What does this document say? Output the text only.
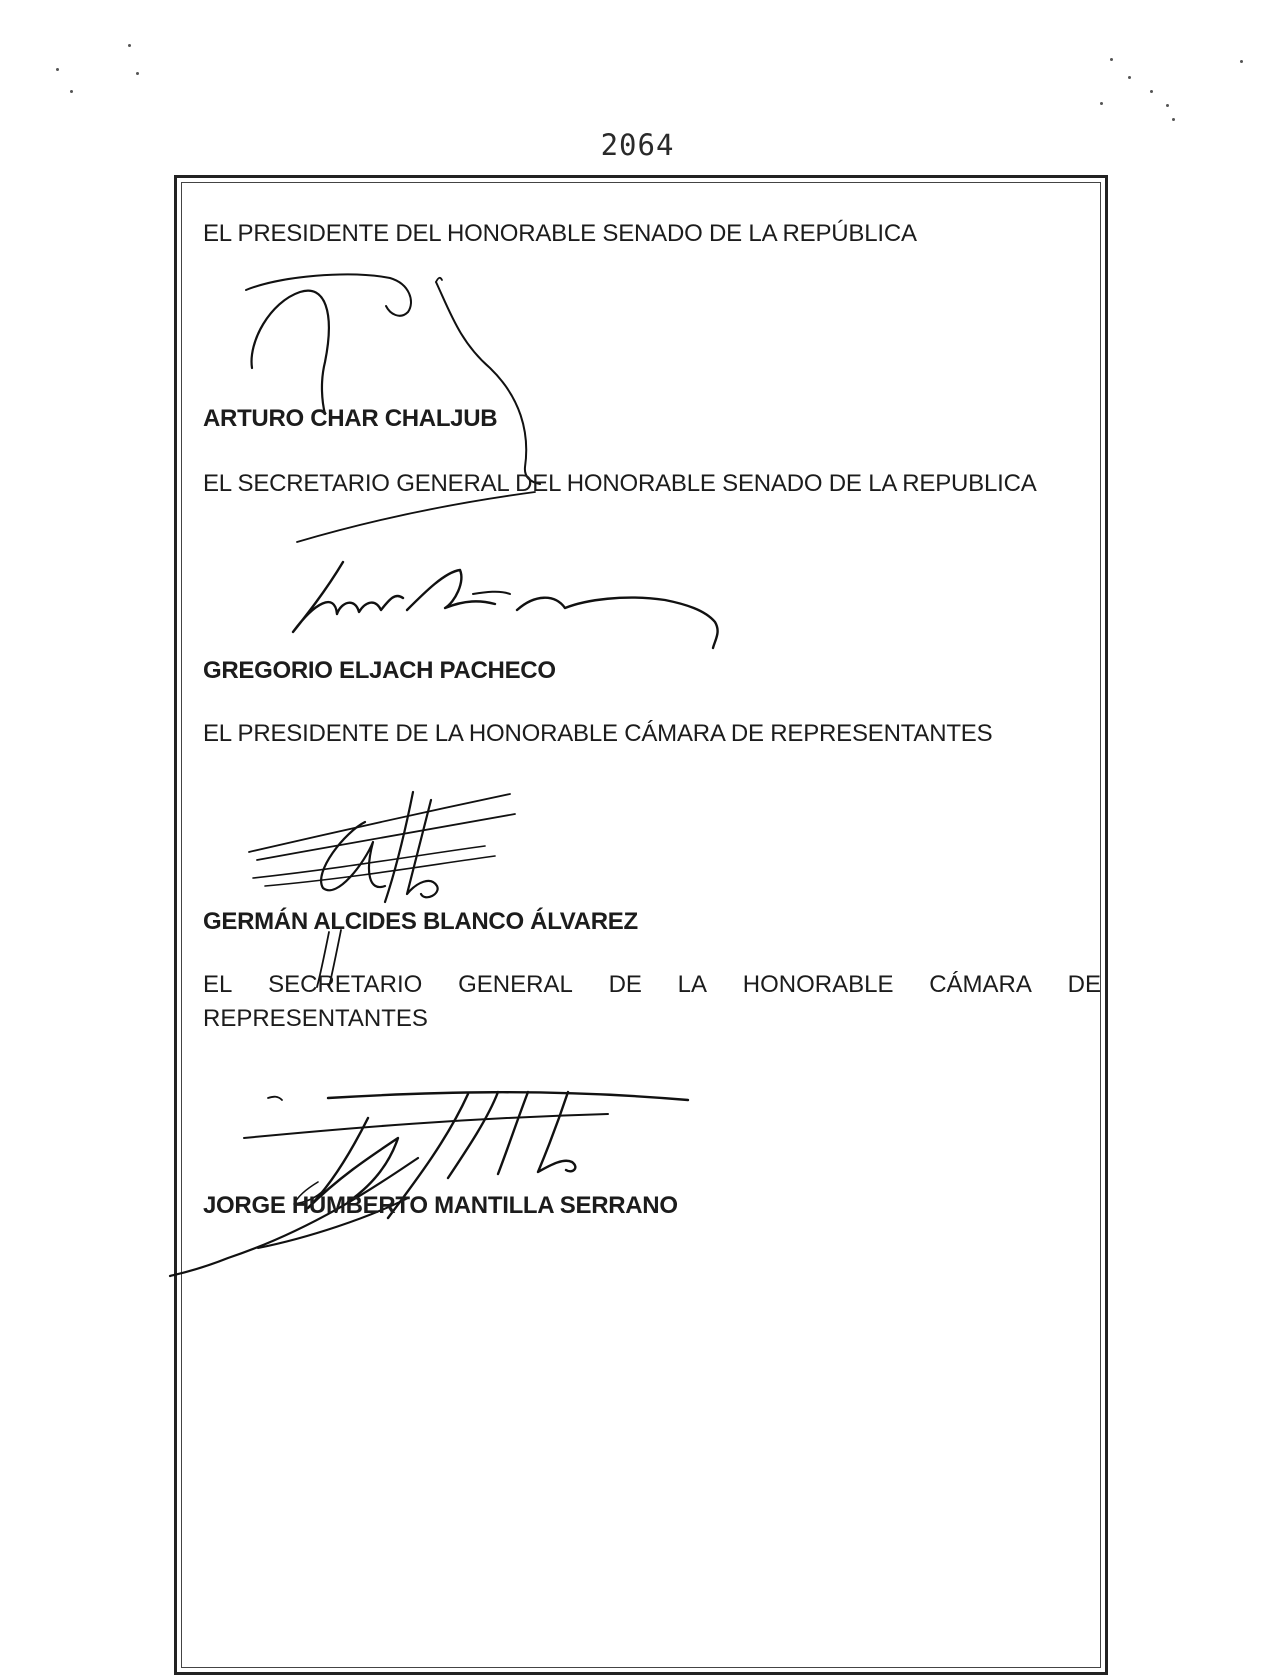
2064
EL PRESIDENTE DEL HONORABLE SENADO DE LA REPÚBLICA
ARTURO CHAR CHALJUB
EL SECRETARIO GENERAL DEL HONORABLE SENADO DE LA REPUBLICA
GREGORIO ELJACH PACHECO
EL PRESIDENTE DE LA HONORABLE CÁMARA DE REPRESENTANTES
GERMÁN ALCIDES BLANCO ÁLVAREZ
EL SECRETARIO GENERAL DE LA HONORABLE CÁMARA DE
REPRESENTANTES
JORGE HUMBERTO MANTILLA SERRANO
